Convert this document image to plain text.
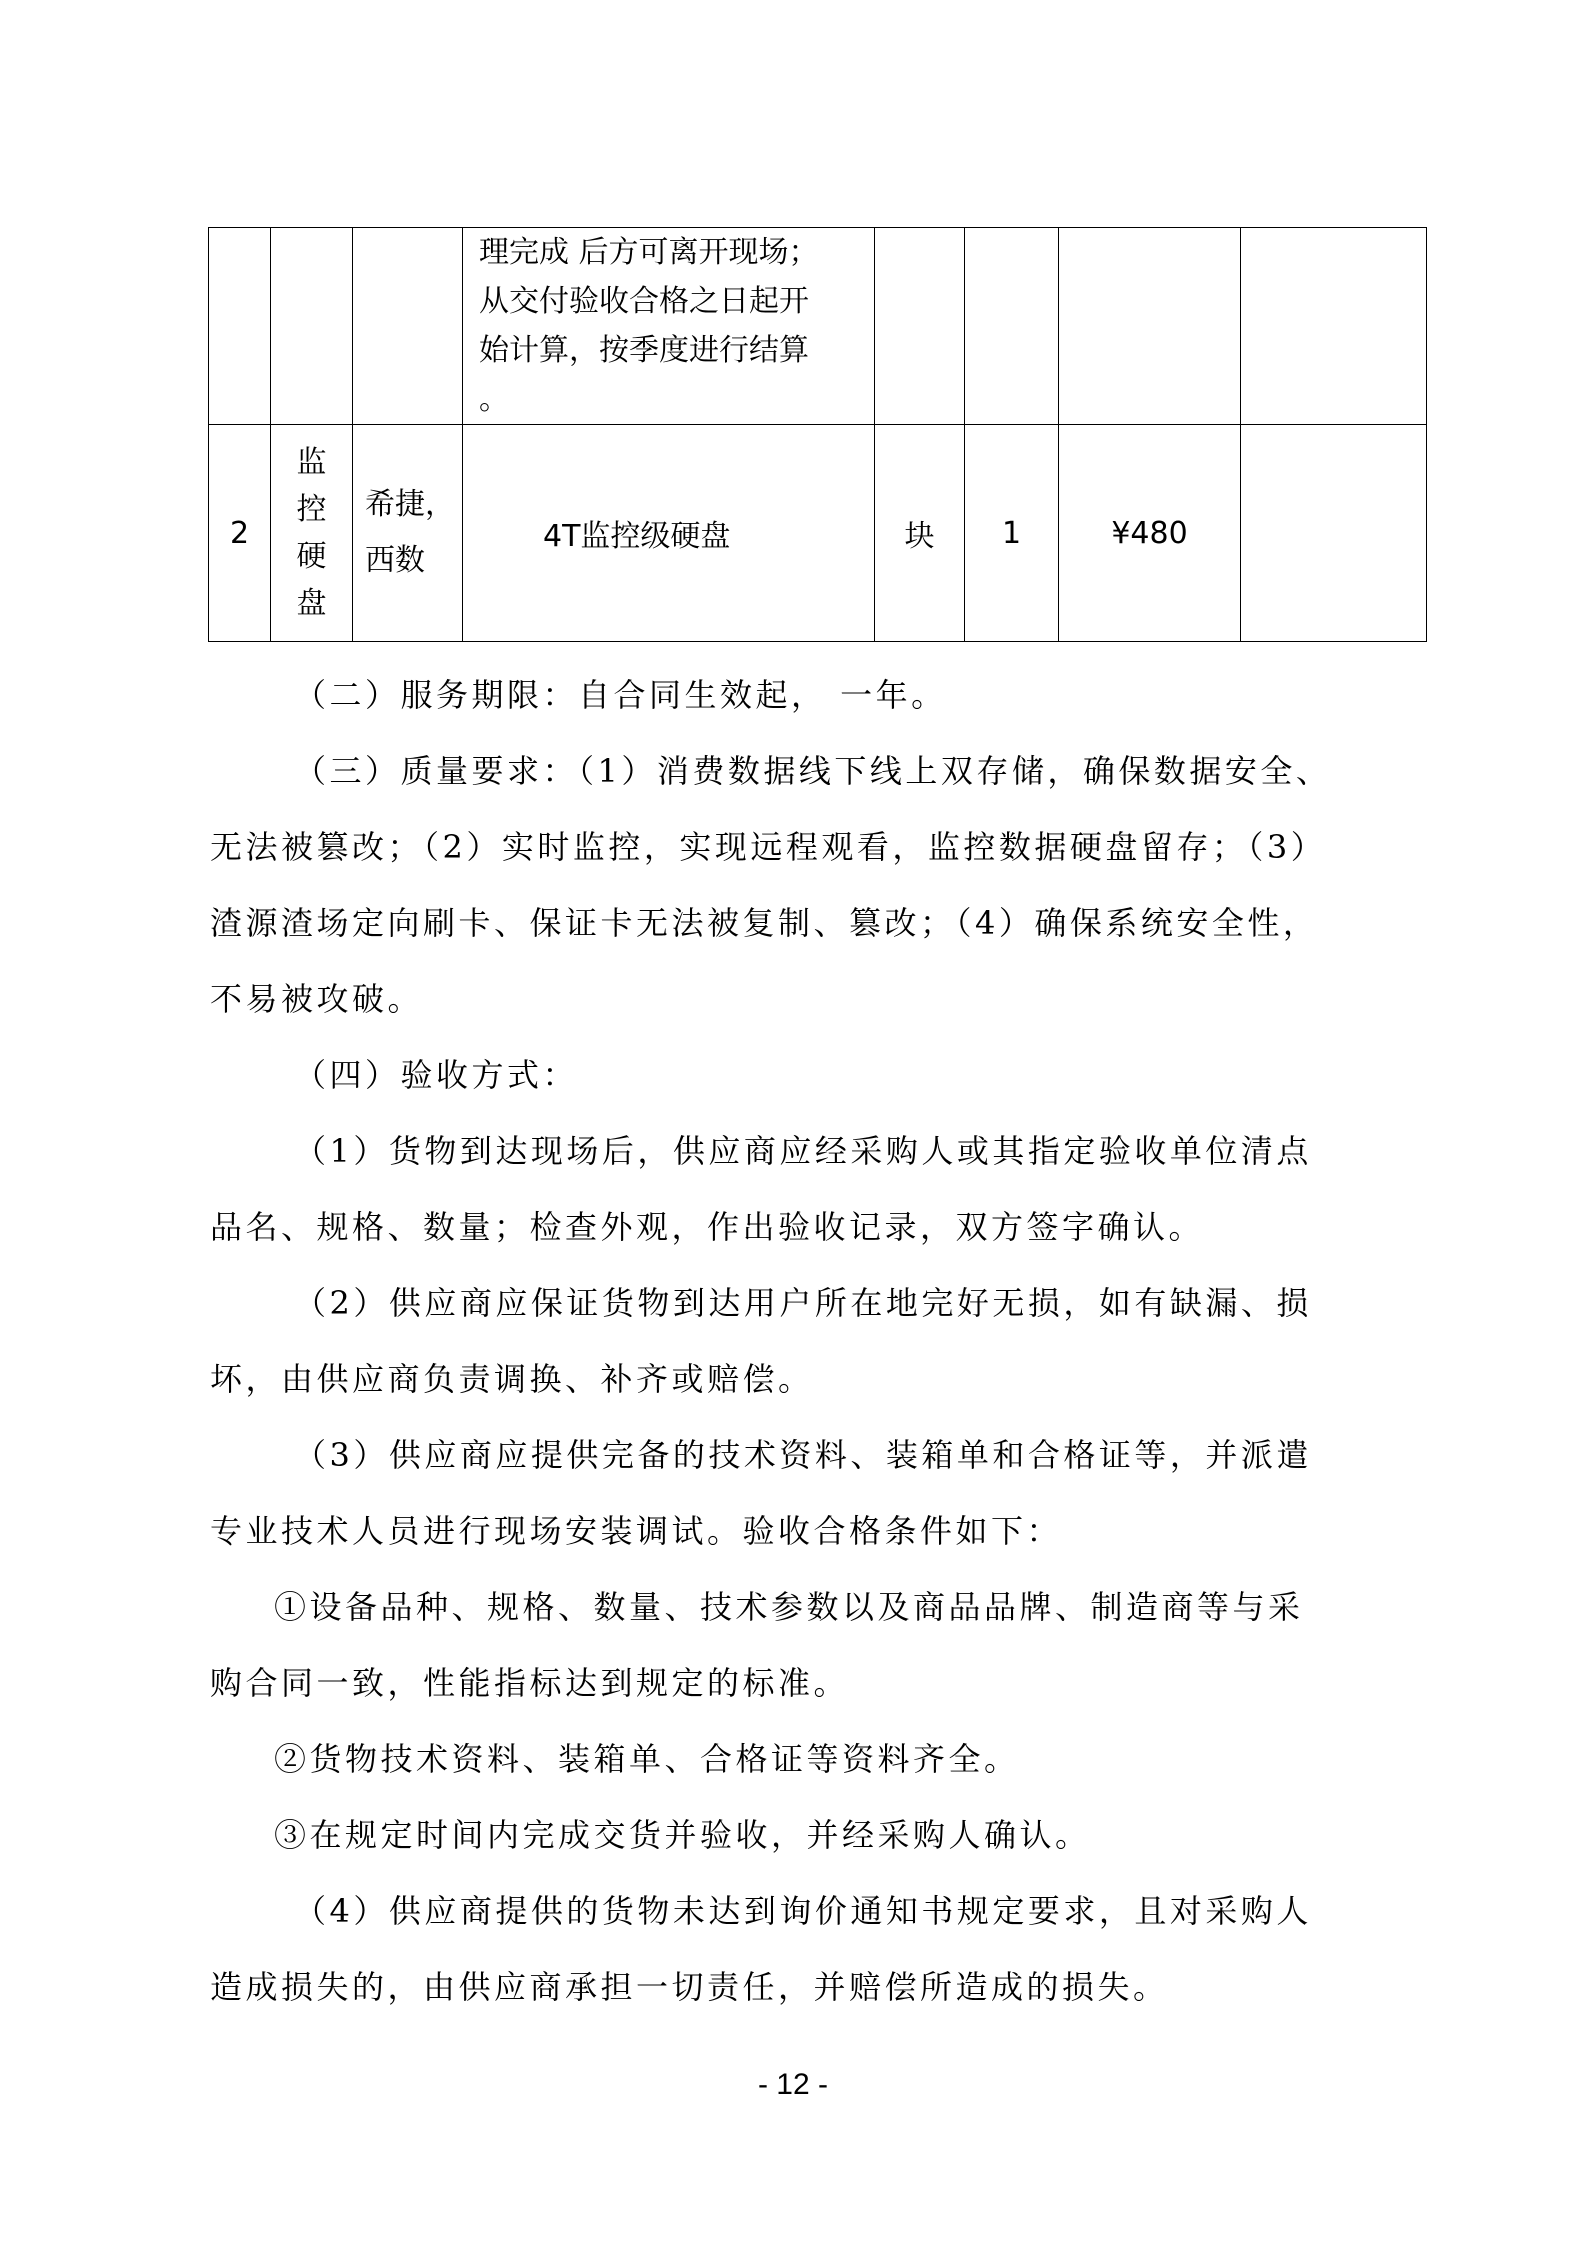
			理完成 后方可离开现场；
从交付验收合格之日起开
始计算，按季度进行结算
。				

2	监控硬盘	希捷，西数	4T监控级硬盘	块	1	¥480	

（二）服务期限：自合同生效起， 一年。

（三）质量要求：（1）消费数据线下线上双存储，确保数据安全、

无法被篡改；（2）实时监控，实现远程观看，监控数据硬盘留存；（3）

渣源渣场定向刷卡、保证卡无法被复制、篡改；（4）确保系统安全性，

不易被攻破。

（四）验收方式：

（1）货物到达现场后，供应商应经采购人或其指定验收单位清点

品名、规格、数量；检查外观，作出验收记录，双方签字确认。

（2）供应商应保证货物到达用户所在地完好无损，如有缺漏、损

坏，由供应商负责调换、补齐或赔偿。

（3）供应商应提供完备的技术资料、装箱单和合格证等，并派遣

专业技术人员进行现场安装调试。验收合格条件如下：

①设备品种、规格、数量、技术参数以及商品品牌、制造商等与采

购合同一致，性能指标达到规定的标准。

②货物技术资料、装箱单、合格证等资料齐全。

③在规定时间内完成交货并验收，并经采购人确认。

（4）供应商提供的货物未达到询价通知书规定要求，且对采购人

造成损失的，由供应商承担一切责任，并赔偿所造成的损失。

- 12 -
